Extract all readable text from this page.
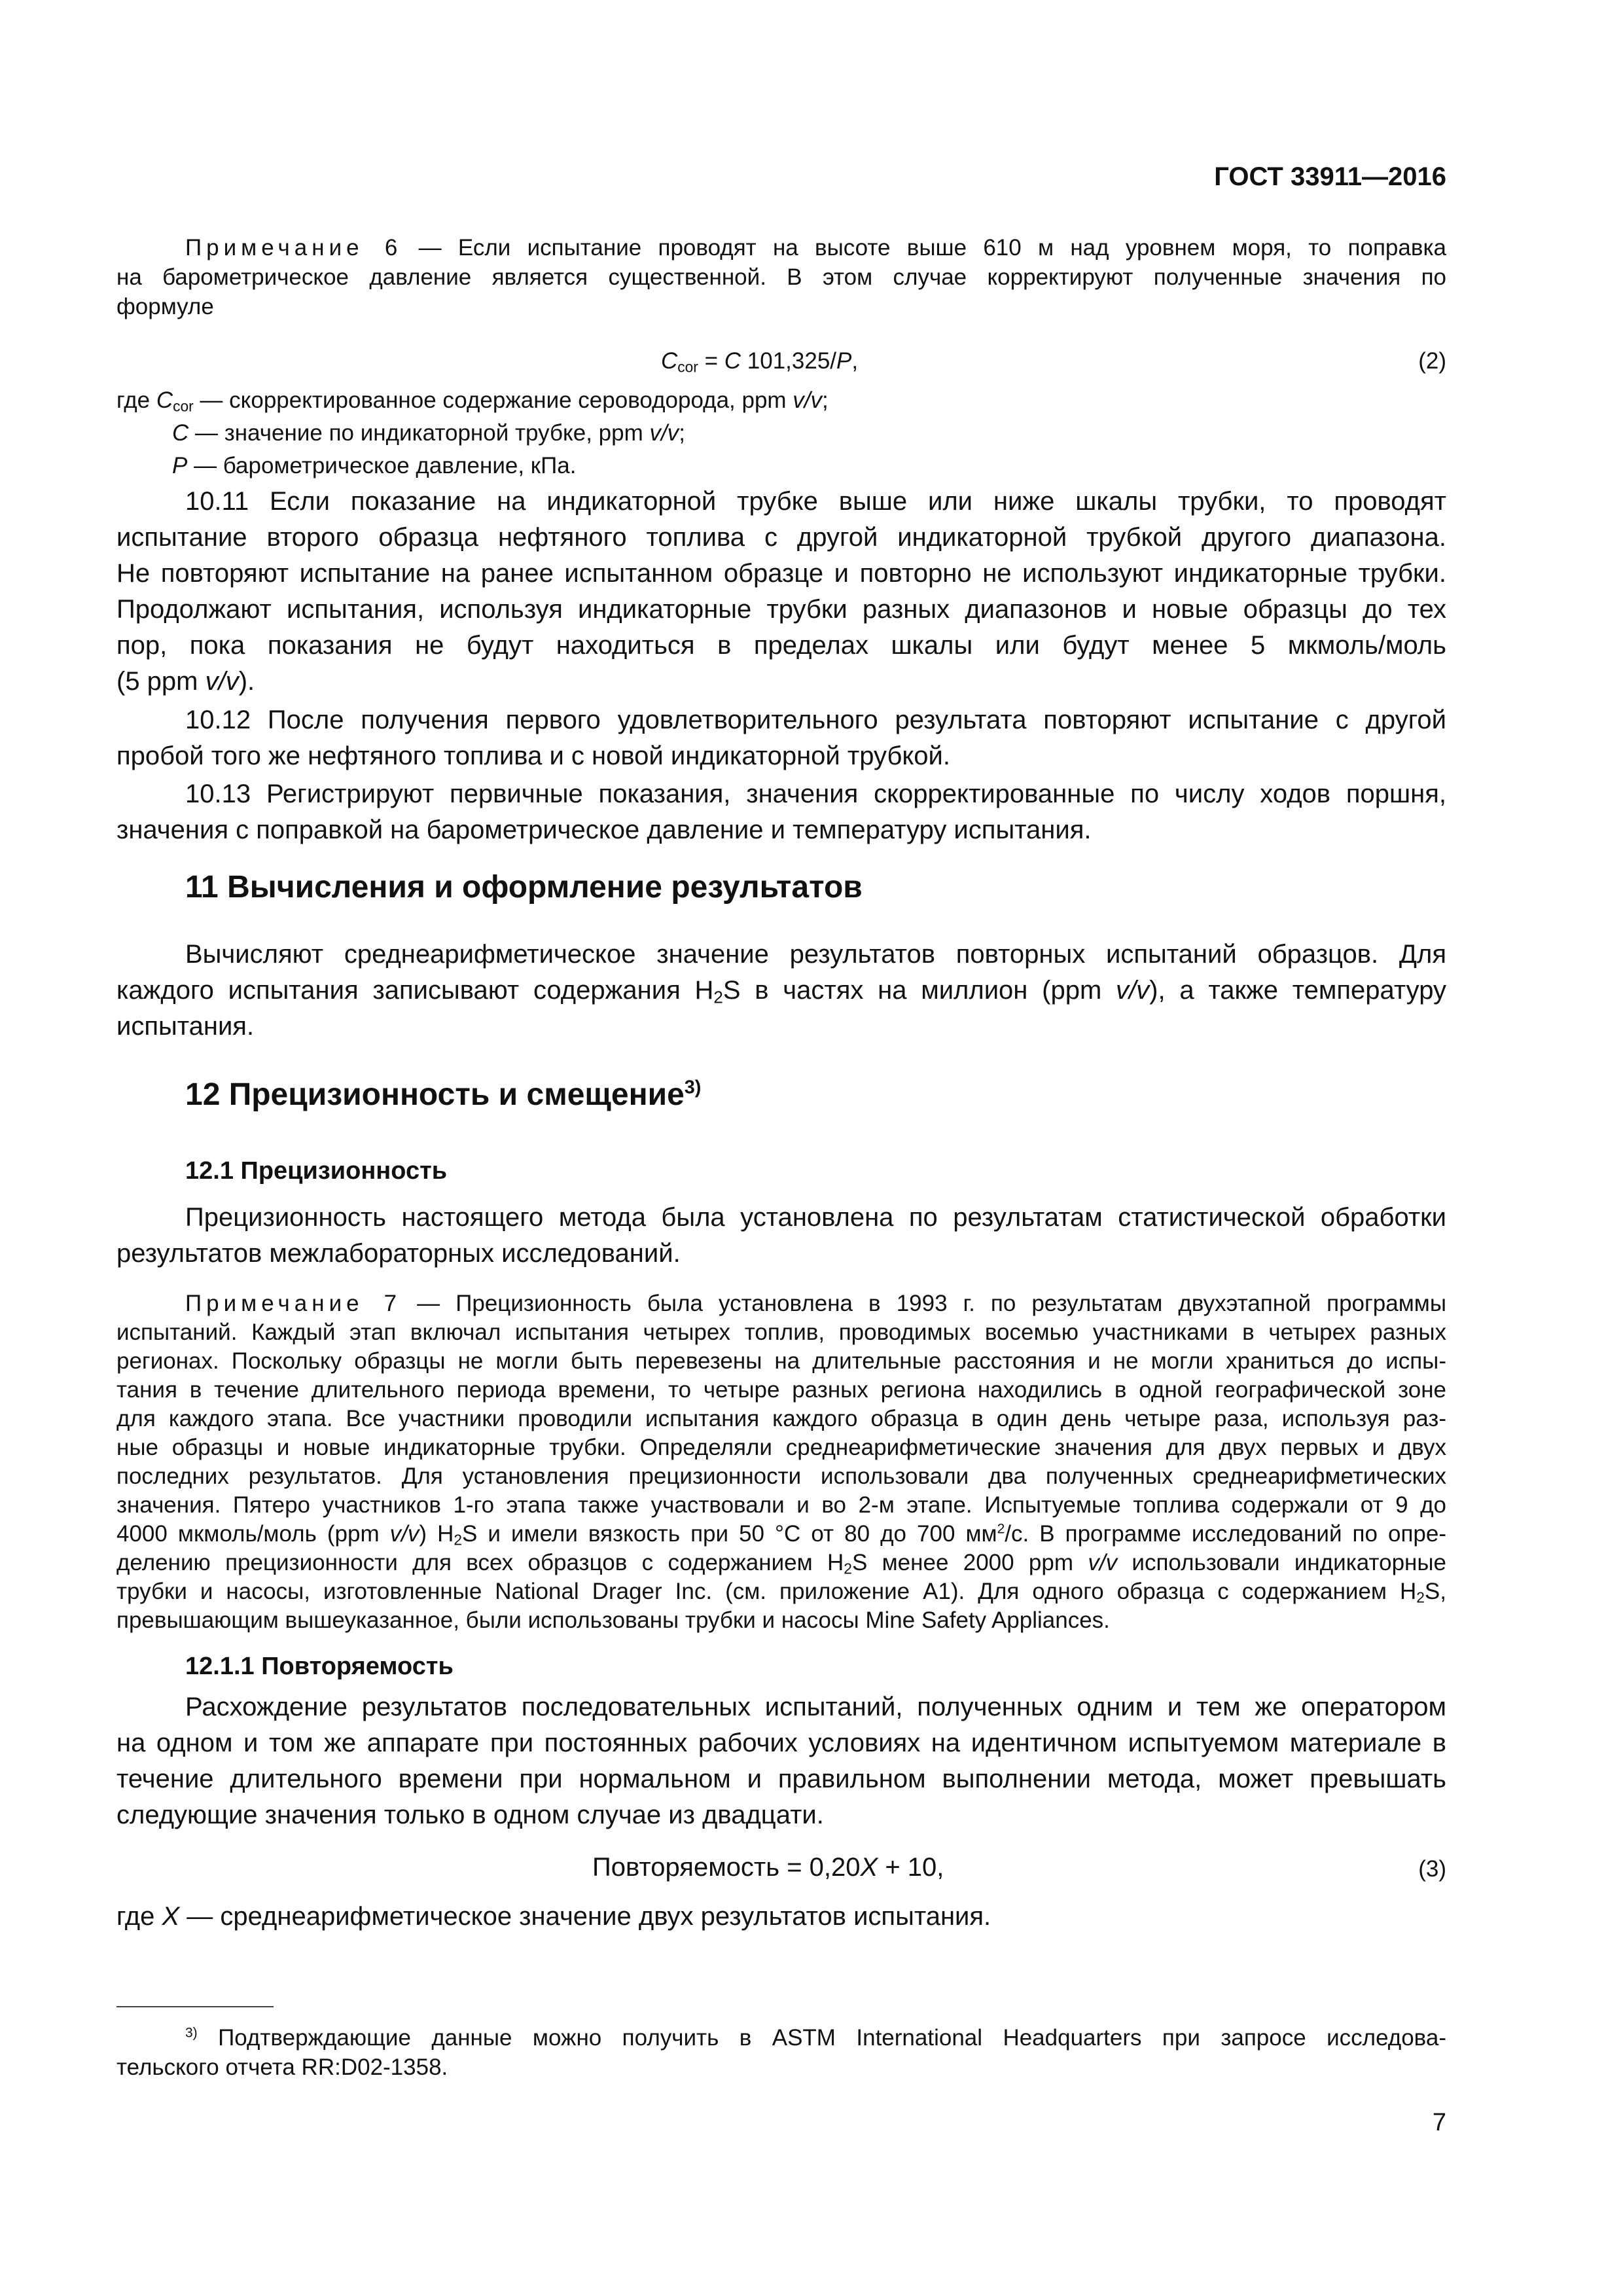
ГОСТ 33911—2016
Примечание 6 — Если испытание проводят на высоте выше 610 м над уровнем моря, то поправка
на барометрическое давление является существенной. В этом случае корректируют полученные значения по
формуле
$C_{cor} = C$ 101,325/P,	(2)
где $C_{cor}$ — скорректированное содержание сероводорода, ppm v/v;
C — значение по индикаторной трубке, ppm v/v;
P — барометрическое давление, кПа.
10.11 Если показание на индикаторной трубке выше или ниже шкалы трубки, то проводят
испытание второго образца нефтяного топлива с другой индикаторной трубкой другого диапазона.
Не повторяют испытание на ранее испытанном образце и повторно не используют индикаторные трубки.
Продолжают испытания, используя индикаторные трубки разных диапазонов и новые образцы до тех
пор, пока показания не будут находиться в пределах шкалы или будут менее 5 мкмоль/моль
(5 ppm v/v).
10.12 После получения первого удовлетворительного результата повторяют испытание с другой
пробой того же нефтяного топлива и с новой индикаторной трубкой.
10.13 Регистрируют первичные показания, значения скорректированные по числу ходов поршня,
значения с поправкой на барометрическое давление и температуру испытания.
11 Вычисления и оформление результатов
Вычисляют среднеарифметическое значение результатов повторных испытаний образцов. Для
каждого испытания записывают содержания $H_2S$ в частях на миллион (ppm v/v), а также температуру
испытания.
12 Прецизионность и смещение$^{3)}$
12.1 Прецизионность
Прецизионность настоящего метода была установлена по результатам статистической обработки
результатов межлабораторных исследований.
Примечание 7 — Прецизионность была установлена в 1993 г. по результатам двухэтапной программы
испытаний. Каждый этап включал испытания четырех топлив, проводимых восемью участниками в четырех разных
регионах. Поскольку образцы не могли быть перевезены на длительные расстояния и не могли храниться до испы-
тания в течение длительного периода времени, то четыре разных региона находились в одной географической зоне
для каждого этапа. Все участники проводили испытания каждого образца в один день четыре раза, используя раз-
ные образцы и новые индикаторные трубки. Определяли среднеарифметические значения для двух первых и двух
последних результатов. Для установления прецизионности использовали два полученных среднеарифметических
значения. Пятеро участников 1-го этапа также участвовали и во 2-м этапе. Испытуемые топлива содержали от 9 до
4000 мкмоль/моль (ppm v/v) $H_2S$ и имели вязкость при 50 °С от 80 до 700 $мм^2/с$. В программе исследований по опре-
делению прецизионности для всех образцов с содержанием $H_2S$ менее 2000 ppm v/v использовали индикаторные
трубки и насосы, изготовленные National Drager Inc. (см. приложение А1). Для одного образца с содержанием $H_2S$,
превышающим вышеуказанное, были использованы трубки и насосы Mine Safety Appliances.
12.1.1 Повторяемость
Расхождение результатов последовательных испытаний, полученных одним и тем же оператором
на одном и том же аппарате при постоянных рабочих условиях на идентичном испытуемом материале в
течение длительного времени при нормальном и правильном выполнении метода, может превышать
следующие значения только в одном случае из двадцати.
Повторяемость = 0,20X + 10,	(3)
где X — среднеарифметическое значение двух результатов испытания.
$^{3)}$ Подтверждающие данные можно получить в ASTM International Headquarters при запросе исследова-
тельского отчета RR:D02-1358.
7
